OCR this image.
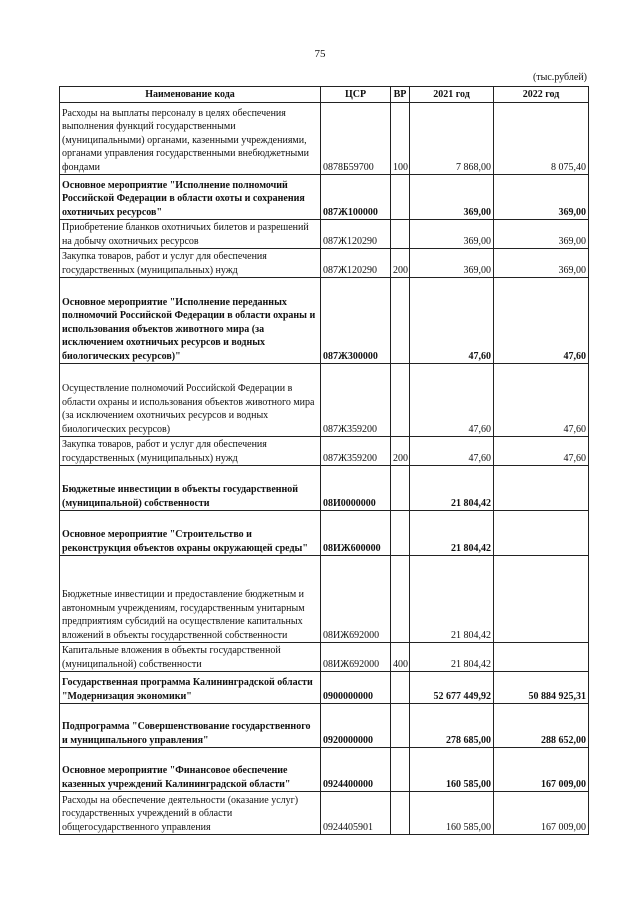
75
(тыс.рублей)
Наименование кода	ЦСР	ВР	2021 год	2022 год
Расходы на выплаты персоналу в целях обеспечения выполнения функций государственными (муниципальными) органами, казенными учреждениями, органами управления государственными внебюджетными фондами	0878Б59700	100	7 868,00	8 075,40
Основное мероприятие "Исполнение полномочий Российской Федерации в области охоты и сохранения охотничьих ресурсов"	087Ж100000		369,00	369,00
Приобретение бланков охотничьих билетов и разрешений на добычу охотничьих ресурсов	087Ж120290		369,00	369,00
Закупка товаров, работ и услуг для обеспечения государственных (муниципальных) нужд	087Ж120290	200	369,00	369,00
Основное мероприятие "Исполнение переданных полномочий Российской Федерации в области охраны и использования объектов животного мира (за исключением охотничьих ресурсов и водных биологических ресурсов)"	087Ж300000		47,60	47,60
Осуществление полномочий Российской Федерации в области охраны и использования объектов животного мира (за исключением охотничьих ресурсов и водных биологических ресурсов)	087Ж359200		47,60	47,60
Закупка товаров, работ и услуг для обеспечения государственных (муниципальных) нужд	087Ж359200	200	47,60	47,60
Бюджетные инвестиции в объекты государственной (муниципальной) собственности	08И0000000		21 804,42	
Основное мероприятие "Строительство и реконструкция объектов охраны окружающей среды"	08ИЖ600000		21 804,42	
Бюджетные инвестиции и предоставление бюджетным и автономным учреждениям, государственным унитарным предприятиям субсидий на осуществление капитальных вложений в объекты государственной собственности	08ИЖ692000		21 804,42	
Капитальные вложения в объекты государственной (муниципальной) собственности	08ИЖ692000	400	21 804,42	
Государственная программа Калининградской области "Модернизация экономики"	0900000000		52 677 449,92	50 884 925,31
Подпрограмма "Совершенствование государственного и муниципального управления"	0920000000		278 685,00	288 652,00
Основное мероприятие "Финансовое обеспечение казенных учреждений Калининградской области"	0924400000		160 585,00	167 009,00
Расходы на обеспечение деятельности (оказание услуг) государственных учреждений в области общегосударственного управления	0924405901		160 585,00	167 009,00
